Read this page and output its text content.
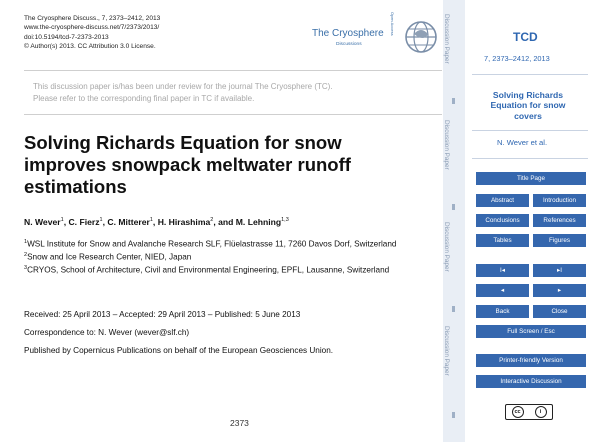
The Cryosphere Discuss., 7, 2373–2412, 2013
www.the-cryosphere-discuss.net/7/2373/2013/
doi:10.5194/tcd-7-2373-2013
© Author(s) 2013. CC Attribution 3.0 License.
The Cryosphere
Discussions
Open Access
This discussion paper is/has been under review for the journal The Cryosphere (TC).
Please refer to the corresponding final paper in TC if available.
Solving Richards Equation for snow
improves snowpack meltwater runoff
estimations
N. Wever$^1$, C. Fierz$^1$, C. Mitterer$^1$, H. Hirashima$^2$, and M. Lehning$^{1,3}$
$^1$WSL Institute for Snow and Avalanche Research SLF, Flüelastrasse 11, 7260 Davos Dorf, Switzerland
$^2$Snow and Ice Research Center, NIED, Japan
$^3$CRYOS, School of Architecture, Civil and Environmental Engineering, EPFL, Lausanne, Switzerland
Received: 25 April 2013 – Accepted: 29 April 2013 – Published: 5 June 2013
Correspondence to: N. Wever (wever@slf.ch)
Published by Copernicus Publications on behalf of the European Geosciences Union.
2373
Discussion Paper
Discussion Paper
Discussion Paper
Discussion Paper
TCD
7, 2373–2412, 2013
Solving Richards Equation for snow covers
N. Wever et al.
Title Page
Abstract	Introduction
Conclusions	References
Tables	Figures
I◂	▸I
◂	▸
Back	Close
Full Screen / Esc
Printer-friendly Version
Interactive Discussion
cc	i
